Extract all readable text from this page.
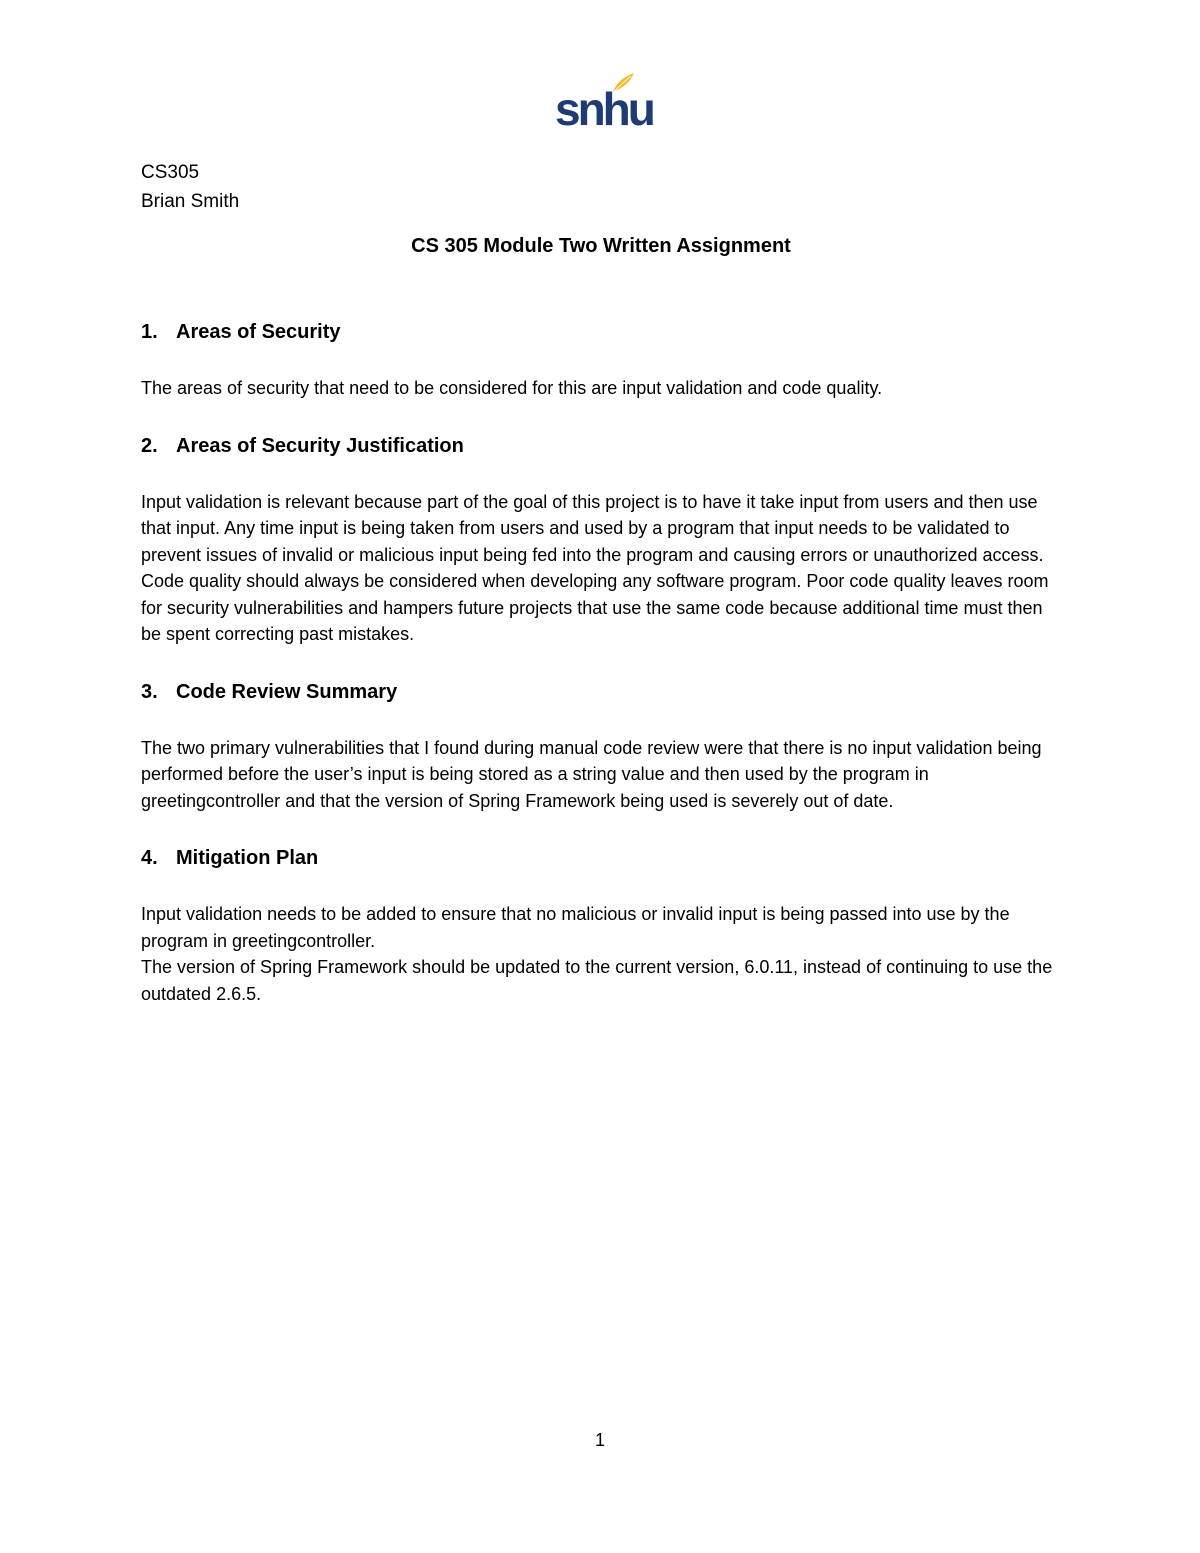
snhu
CS305
Brian Smith
CS 305 Module Two Written Assignment
1. Areas of Security

The areas of security that need to be considered for this are input validation and code quality.

2. Areas of Security Justification

Input validation is relevant because part of the goal of this project is to have it take input from users and then use that input. Any time input is being taken from users and used by a program that input needs to be validated to prevent issues of invalid or malicious input being fed into the program and causing errors or unauthorized access.

Code quality should always be considered when developing any software program. Poor code quality leaves room for security vulnerabilities and hampers future projects that use the same code because additional time must then be spent correcting past mistakes.

3. Code Review Summary

The two primary vulnerabilities that I found during manual code review were that there is no input validation being performed before the user’s input is being stored as a string value and then used by the program in greetingcontroller and that the version of Spring Framework being used is severely out of date.

4. Mitigation Plan

Input validation needs to be added to ensure that no malicious or invalid input is being passed into use by the program in greetingcontroller.

The version of Spring Framework should be updated to the current version, 6.0.11, instead of continuing to use the outdated 2.6.5.

1
